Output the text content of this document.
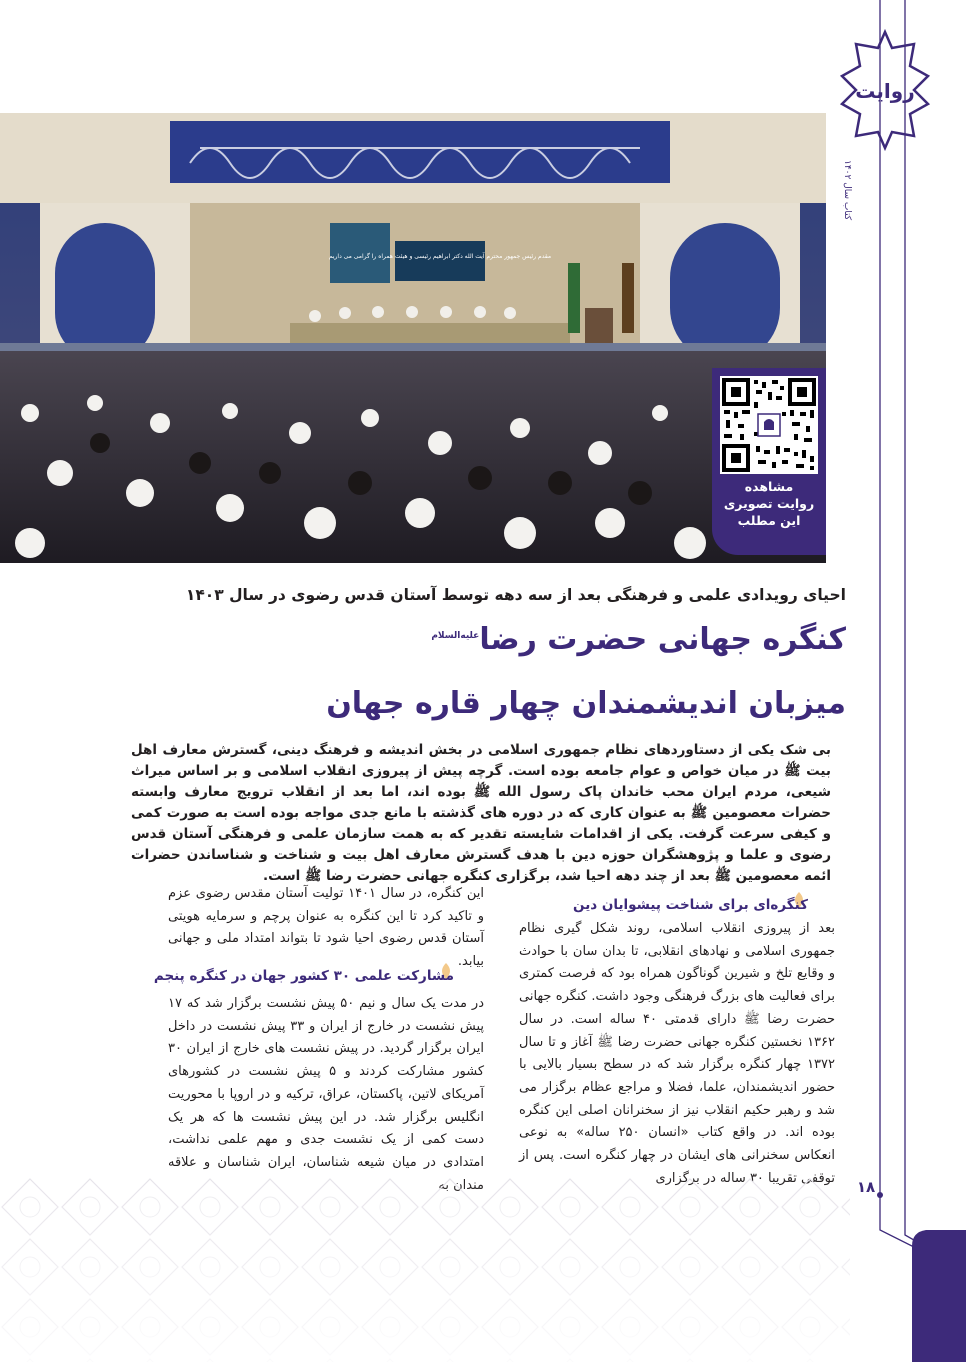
روایت
کتاب سال ۱۴۰۲
مقدم رئیس جمهور محترم آیت الله دکتر ابراهیم رئیسی و هیئت همراه را گرامی می داریم
مشاهده
روایت تصویری
این مطلب
احیای رویدادی علمی و فرهنگی بعد از سه دهه توسط آستان قدس رضوی در سال ۱۴۰۳
کنگره جهانی حضرت رضا$^{علیه‌السلام}$
میزبان اندیشمندان چهار قاره جهان
بی شک یکی از دستاوردهای نظام جمهوری اسلامی در بخش اندیشه و فرهنگ دینی، گسترش معارف اهل بیت ﷺ در میان خواص و عوام جامعه بوده است. گرچه پیش از پیروزی انقلاب اسلامی و بر اساس میراث شیعی، مردم ایران محب خاندان پاک رسول الله ﷺ بوده اند، اما بعد از انقلاب ترویج معارف وابسته حضرات معصومین ﷺ به عنوان کاری که در دوره های گذشته با مانع جدی مواجه بوده است به صورت کمی و کیفی سرعت گرفت. یکی از اقدامات شایسته تقدیر که به همت سازمان علمی و فرهنگی آستان قدس رضوی و علما و پژوهشگران حوزه دین با هدف گسترش معارف اهل بیت و شناخت و شناساندن حضرات ائمه معصومین ﷺ بعد از چند دهه احیا شد، برگزاری کنگره جهانی حضرت رضا ﷺ است.
کنگره‌ای برای شناخت پیشوایان دین
بعد از پیروزی انقلاب اسلامی، روند شکل گیری نظام جمهوری اسلامی و نهادهای انقلابی، تا بدان سان با حوادث و وقایع تلخ و شیرین گوناگون همراه بود که فرصت کمتری برای فعالیت های بزرگ فرهنگی وجود داشت. کنگره جهانی حضرت رضا ﷺ دارای قدمتی ۴۰ ساله است. در سال ۱۳۶۲ نخستین کنگره جهانی حضرت رضا ﷺ آغاز و تا سال ۱۳۷۲ چهار کنگره برگزار شد که در سطح بسیار بالایی با حضور اندیشمندان، علما، فضلا و مراجع عظام برگزار می شد و رهبر حکیم انقلاب نیز از سخنرانان اصلی این کنگره بوده اند. در واقع کتاب «انسان ۲۵۰ ساله» به نوعی انعکاس سخنرانی های ایشان در چهار کنگره است. پس از
این کنگره، در سال ۱۴۰۱ تولیت آستان مقدس رضوی عزم و تاکید کرد تا این کنگره به عنوان پرچم و سرمایه هویتی آستان قدس رضوی احیا شود تا بتواند امتداد ملی و جهانی بیابد.
مشارکت علمی ۳۰ کشور جهان در کنگره پنجم
در مدت یک سال و نیم ۵۰ پیش نشست برگزار شد که ۱۷ پیش نشست در خارج از ایران و ۳۳ پیش نشست در داخل ایران برگزار گردید. در پیش نشست های خارج از ایران ۳۰ کشور مشارکت کردند و ۵ پیش نشست در کشورهای آمریکای لاتین، پاکستان، عراق، ترکیه و در اروپا با محوریت انگلیس برگزار شد. در این پیش نشست ها که هر یک دست کمی از یک نشست جدی و مهم علمی نداشت، امتدادی در میان شیعه شناسان، ایران شناسان و علاقه
۱۸
